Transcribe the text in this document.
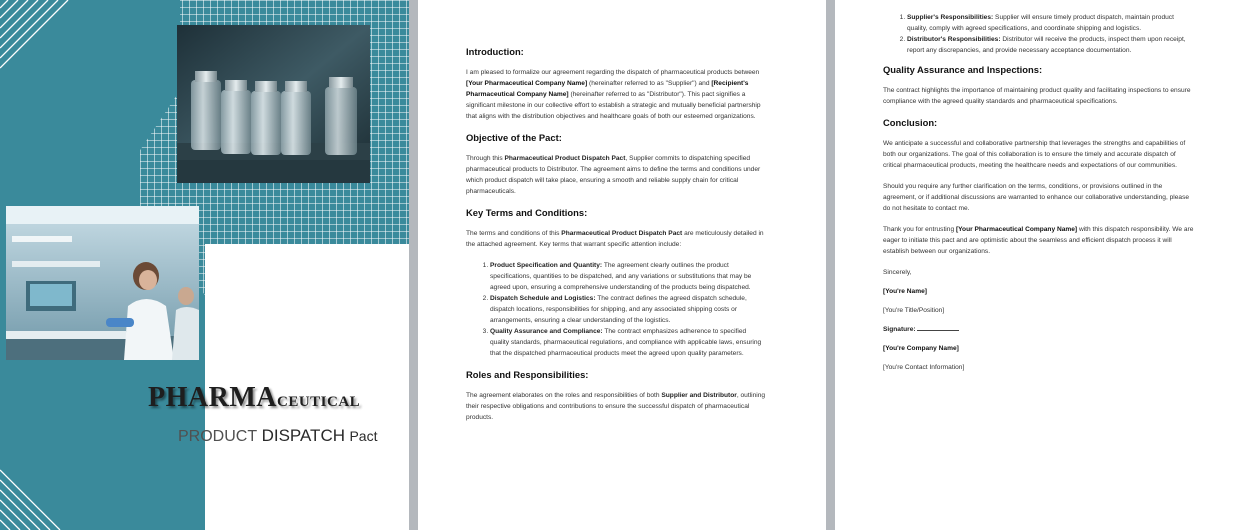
PHARMAceutical
PRODUCT DISPATCH Pact
Introduction:

I am pleased to formalize our agreement regarding the dispatch of pharmaceutical products between [Your Pharmaceutical Company Name] (hereinafter referred to as "Supplier") and [Recipient's Pharmaceutical Company Name] (hereinafter referred to as "Distributor"). This pact signifies a significant milestone in our collective effort to establish a strategic and mutually beneficial partnership that aligns with the distribution objectives and healthcare goals of both our esteemed organizations.

Objective of the Pact:

Through this Pharmaceutical Product Dispatch Pact, Supplier commits to dispatching specified pharmaceutical products to Distributor. The agreement aims to define the terms and conditions under which product dispatch will take place, ensuring a smooth and reliable supply chain for critical pharmaceuticals.

Key Terms and Conditions:

The terms and conditions of this Pharmaceutical Product Dispatch Pact are meticulously detailed in the attached agreement. Key terms that warrant specific attention include:

1. Product Specification and Quantity: The agreement clearly outlines the product specifications, quantities to be dispatched, and any variations or substitutions that may be agreed upon, ensuring a comprehensive understanding of the products being dispatched.
2. Dispatch Schedule and Logistics: The contract defines the agreed dispatch schedule, dispatch locations, responsibilities for shipping, and any associated shipping costs or arrangements, ensuring a clear understanding of the logistics.
3. Quality Assurance and Compliance: The contract emphasizes adherence to specified quality standards, pharmaceutical regulations, and compliance with applicable laws, ensuring that the dispatched pharmaceutical products meet the agreed upon quality parameters.
Roles and Responsibilities:

The agreement elaborates on the roles and responsibilities of both Supplier and Distributor, outlining their respective obligations and contributions to ensure the successful dispatch of pharmaceutical products.

1. Supplier's Responsibilities: Supplier will ensure timely product dispatch, maintain product quality, comply with agreed specifications, and coordinate shipping and logistics.
2. Distributor's Responsibilities: Distributor will receive the products, inspect them upon receipt, report any discrepancies, and provide necessary acceptance documentation.
Quality Assurance and Inspections:

The contract highlights the importance of maintaining product quality and facilitating inspections to ensure compliance with the agreed quality standards and pharmaceutical specifications.

Conclusion:

We anticipate a successful and collaborative partnership that leverages the strengths and capabilities of both our organizations. The goal of this collaboration is to ensure the timely and accurate dispatch of critical pharmaceutical products, meeting the healthcare needs and expectations of our communities.

Should you require any further clarification on the terms, conditions, or provisions outlined in the agreement, or if additional discussions are warranted to enhance our collaborative understanding, please do not hesitate to contact me.

Thank you for entrusting [Your Pharmaceutical Company Name] with this dispatch responsibility. We are eager to initiate this pact and are optimistic about the seamless and efficient dispatch process it will establish between our organizations.

Sincerely,

[You're Name]

[You're Title/Position]

Signature:

[You're Company Name]

[You're Contact Information]
